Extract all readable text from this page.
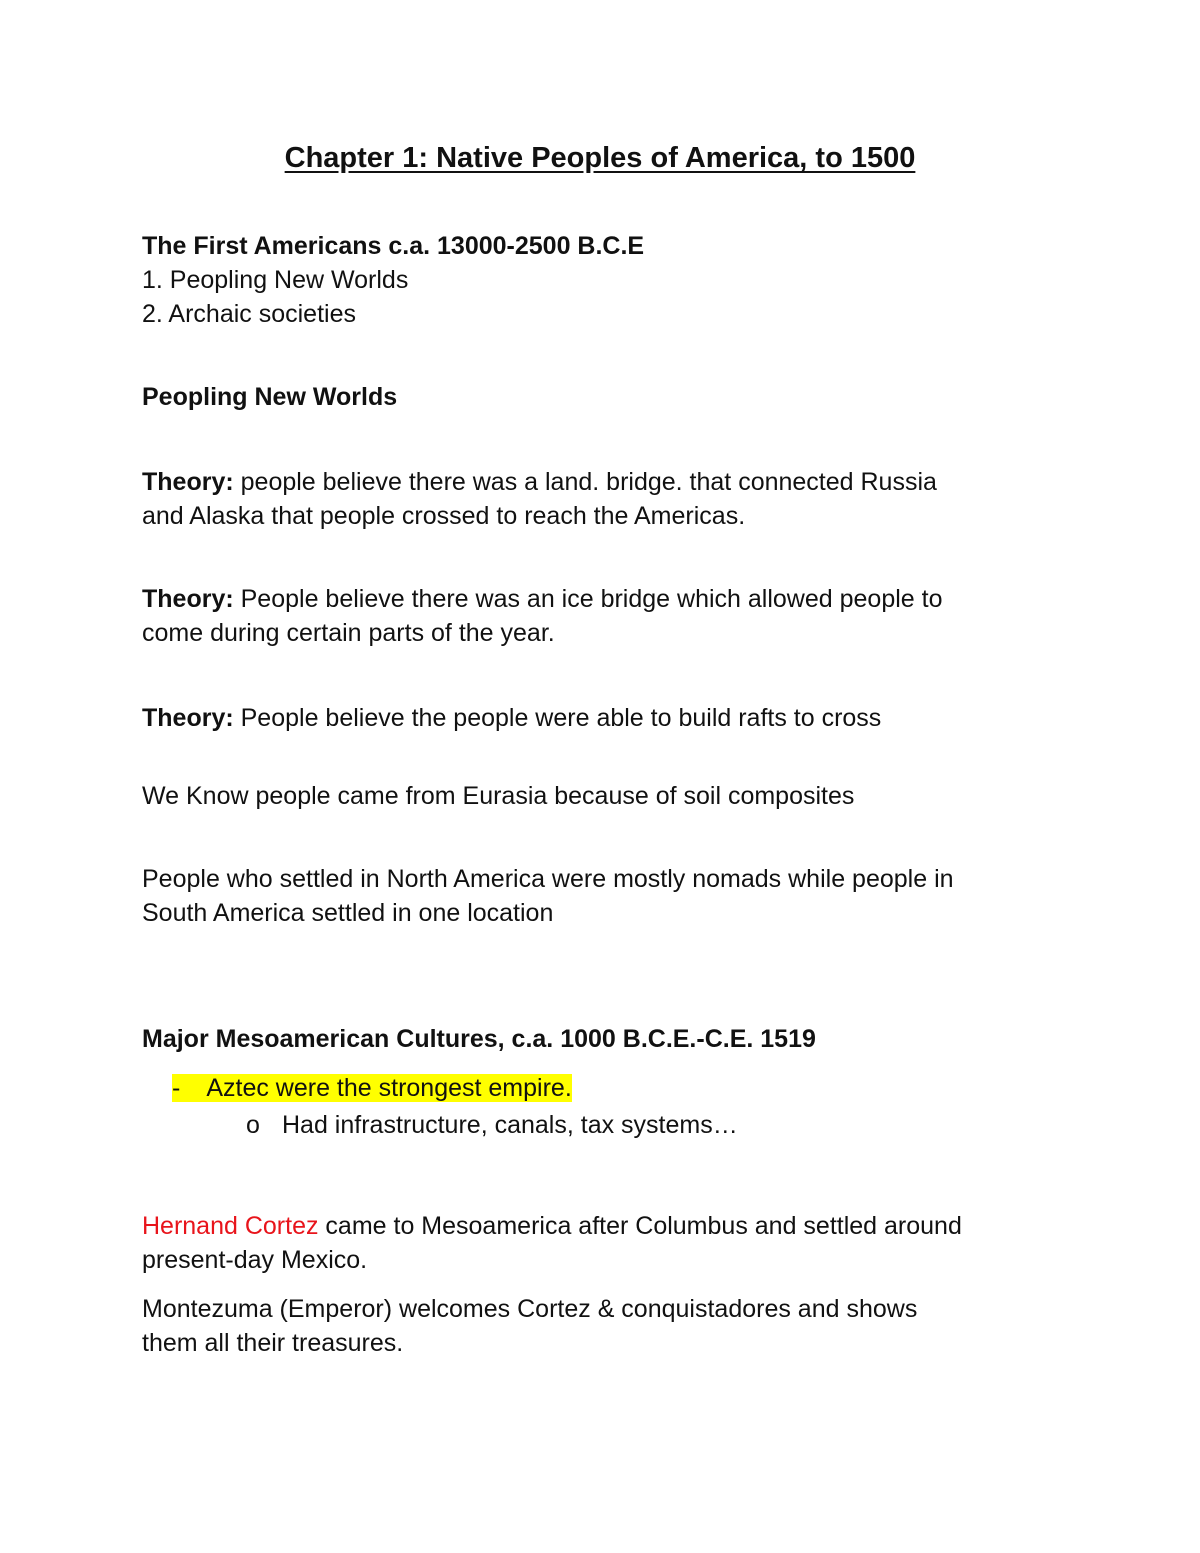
Chapter 1: Native Peoples of America, to 1500
The First Americans c.a. 13000-2500 B.C.E
1. Peopling New Worlds
2. Archaic societies
Peopling New Worlds
Theory: people believe there was a land. bridge. that connected Russia
and Alaska that people crossed to reach the Americas.
Theory: People believe there was an ice bridge which allowed people to
come during certain parts of the year.
Theory: People believe the people were able to build rafts to cross
We Know people came from Eurasia because of soil composites
People who settled in North America were mostly nomads while people in
South America settled in one location
Major Mesoamerican Cultures, c.a. 1000 B.C.E.-C.E. 1519
- Aztec were the strongest empire.
o Had infrastructure, canals, tax systems…
Hernand Cortez came to Mesoamerica after Columbus and settled around
present-day Mexico.
Montezuma (Emperor) welcomes Cortez & conquistadores and shows
them all their treasures.
